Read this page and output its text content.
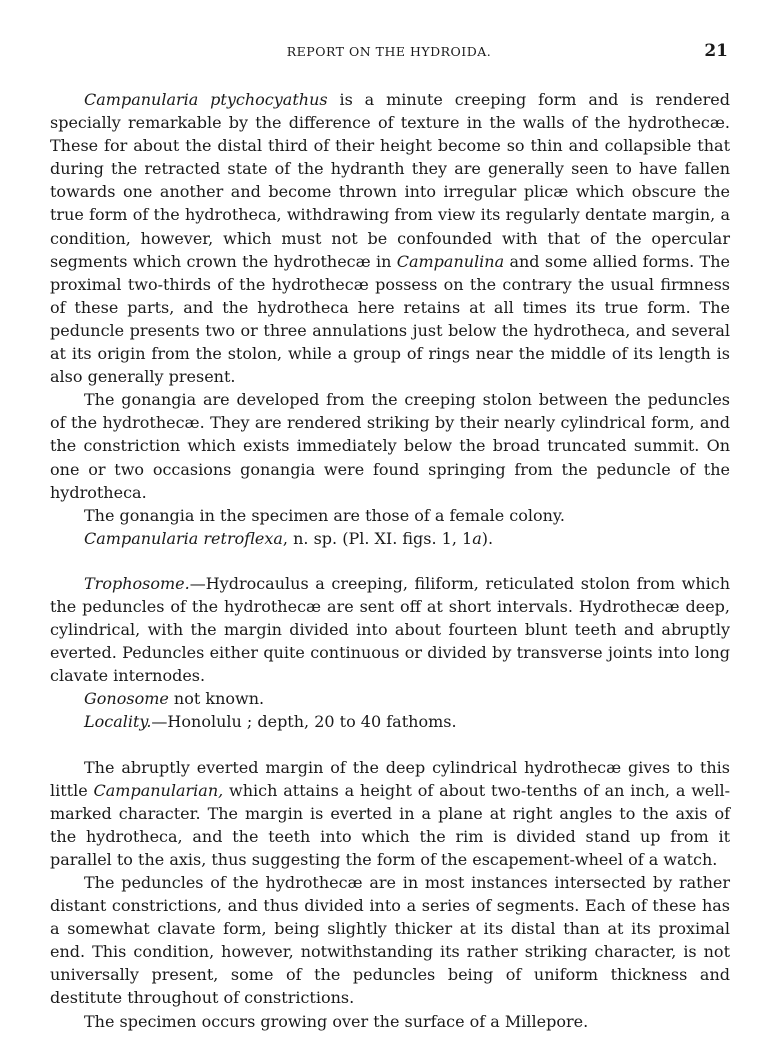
REPORT ON THE HYDROIDA.	21

Campanularia ptychocyathus is a minute creeping form and is rendered specially remarkable by the difference of texture in the walls of the hydrothecæ. These for about the distal third of their height become so thin and collapsible that during the retracted state of the hydranth they are generally seen to have fallen towards one another and become thrown into irregular plicæ which obscure the true form of the hydrotheca, withdrawing from view its regularly dentate margin, a condition, however, which must not be confounded with that of the opercular segments which crown the hydrothecæ in Campanulina and some allied forms. The proximal two-thirds of the hydrothecæ possess on the contrary the usual firmness of these parts, and the hydrotheca here retains at all times its true form. The peduncle presents two or three annulations just below the hydrotheca, and several at its origin from the stolon, while a group of rings near the middle of its length is also generally present.

The gonangia are developed from the creeping stolon between the peduncles of the hydrothecæ. They are rendered striking by their nearly cylindrical form, and the constriction which exists immediately below the broad truncated summit. On one or two occasions gonangia were found springing from the peduncle of the hydrotheca.

The gonangia in the specimen are those of a female colony.

Campanularia retroflexa, n. sp. (Pl. XI. figs. 1, 1a).

Trophosome.—Hydrocaulus a creeping, filiform, reticulated stolon from which the peduncles of the hydrothecæ are sent off at short intervals. Hydrothecæ deep, cylindrical, with the margin divided into about fourteen blunt teeth and abruptly everted. Peduncles either quite continuous or divided by transverse joints into long clavate internodes.

Gonosome not known.

Locality.—Honolulu ; depth, 20 to 40 fathoms.

The abruptly everted margin of the deep cylindrical hydrothecæ gives to this little Campanularian, which attains a height of about two-tenths of an inch, a well-marked character. The margin is everted in a plane at right angles to the axis of the hydrotheca, and the teeth into which the rim is divided stand up from it parallel to the axis, thus suggesting the form of the escapement-wheel of a watch.

The peduncles of the hydrothecæ are in most instances intersected by rather distant constrictions, and thus divided into a series of segments. Each of these has a somewhat clavate form, being slightly thicker at its distal than at its proximal end. This condition, however, notwithstanding its rather striking character, is not universally present, some of the peduncles being of uniform thickness and destitute throughout of constrictions.

The specimen occurs growing over the surface of a Millepore.
